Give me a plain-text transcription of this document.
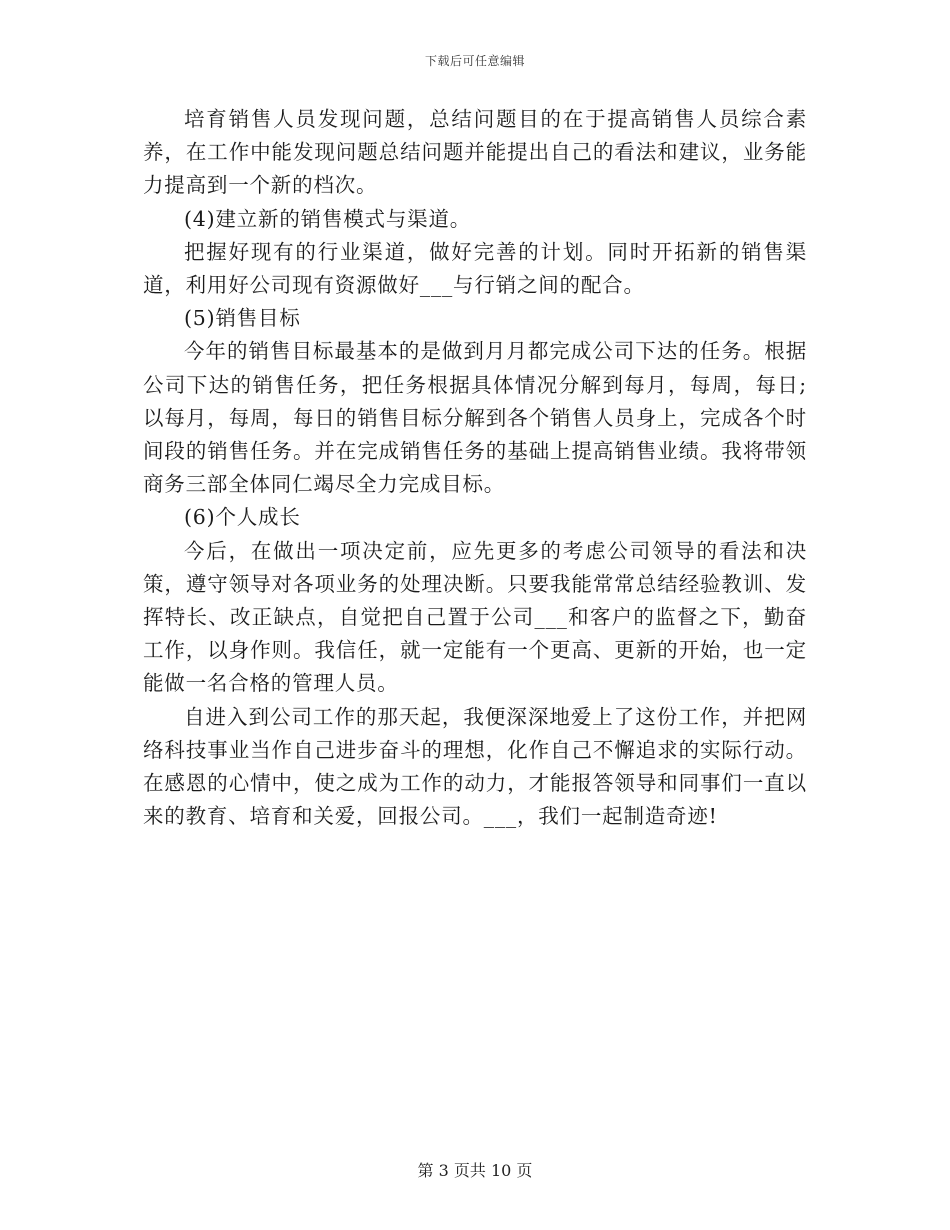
下载后可任意编辑

培育销售人员发现问题，总结问题目的在于提高销售人员综合素养，在工作中能发现问题总结问题并能提出自己的看法和建议，业务能力提高到一个新的档次。

(4)建立新的销售模式与渠道。

把握好现有的行业渠道，做好完善的计划。同时开拓新的销售渠道，利用好公司现有资源做好___与行销之间的配合。

(5)销售目标

今年的销售目标最基本的是做到月月都完成公司下达的任务。根据公司下达的销售任务，把任务根据具体情况分解到每月，每周，每日;以每月，每周，每日的销售目标分解到各个销售人员身上，完成各个时间段的销售任务。并在完成销售任务的基础上提高销售业绩。我将带领商务三部全体同仁竭尽全力完成目标。

(6)个人成长

今后，在做出一项决定前，应先更多的考虑公司领导的看法和决策，遵守领导对各项业务的处理决断。只要我能常常总结经验教训、发挥特长、改正缺点，自觉把自己置于公司___和客户的监督之下，勤奋工作，以身作则。我信任，就一定能有一个更高、更新的开始，也一定能做一名合格的管理人员。

自进入到公司工作的那天起，我便深深地爱上了这份工作，并把网络科技事业当作自己进步奋斗的理想，化作自己不懈追求的实际行动。在感恩的心情中，使之成为工作的动力，才能报答领导和同事们一直以来的教育、培育和关爱，回报公司。___，我们一起制造奇迹!

第 3 页共 10 页
